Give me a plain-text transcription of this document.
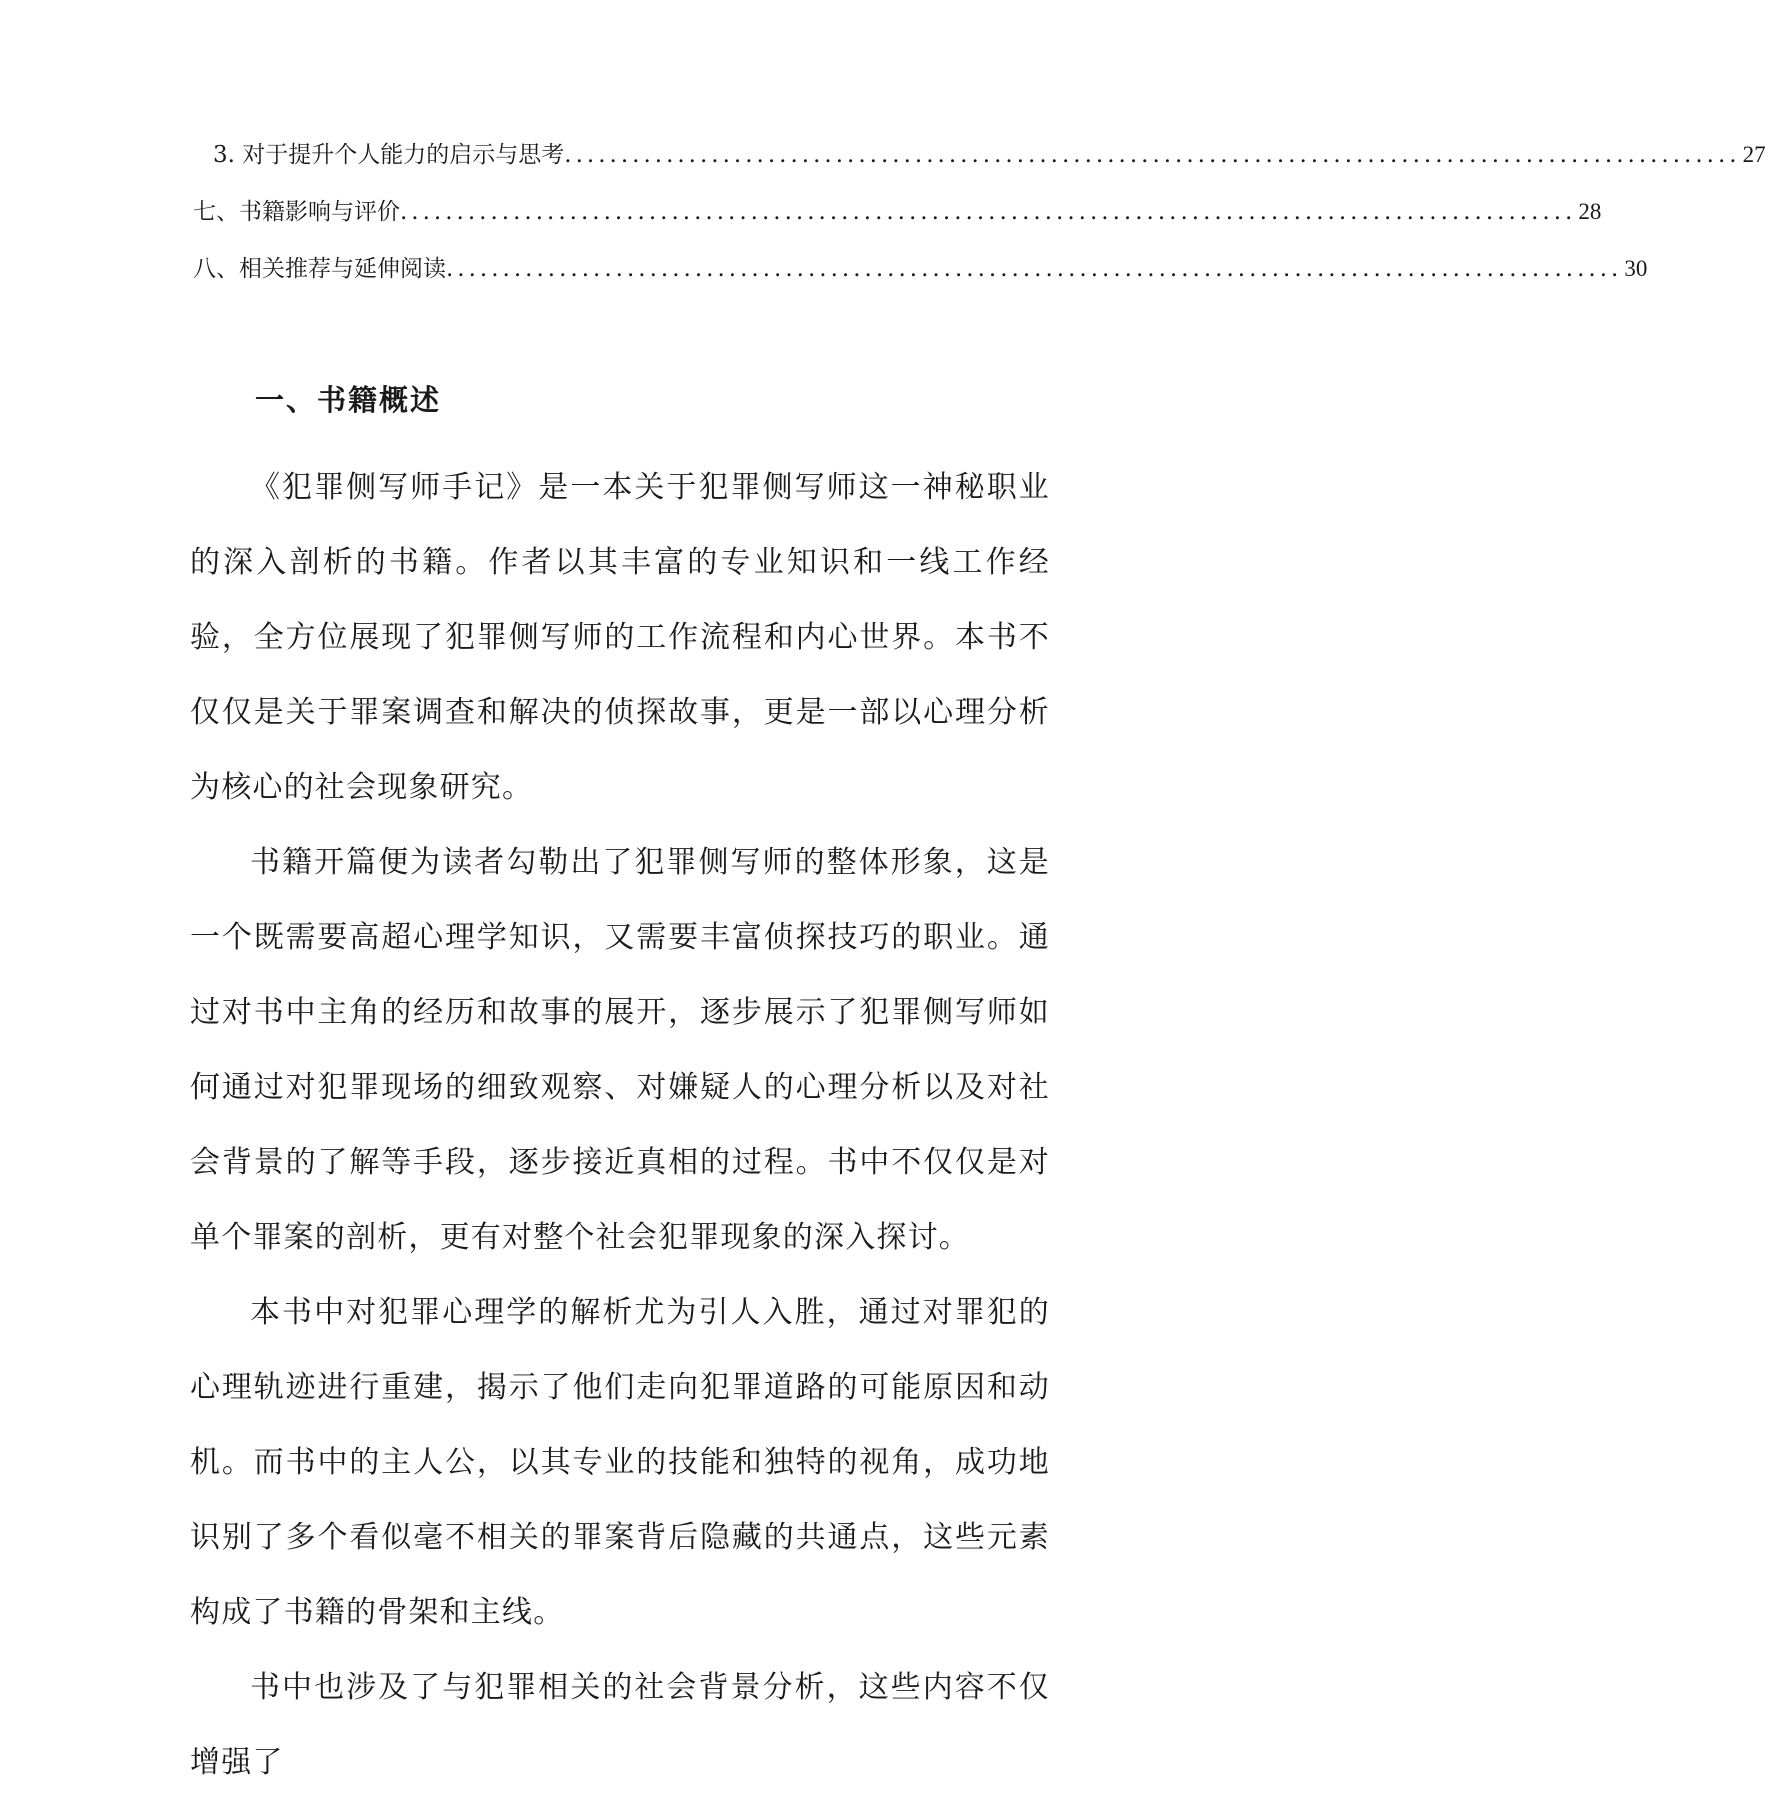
3. 对于提升个人能力的启示与思考 ........................................................................................................ 27
七、书籍影响与评价 ........................................................................................................ 28
八、相关推荐与延伸阅读 ........................................................................................................ 30
一、书籍概述

《犯罪侧写师手记》是一本关于犯罪侧写师这一神秘职业的深入剖析的书籍。作者以其丰富的专业知识和一线工作经验，全方位展现了犯罪侧写师的工作流程和内心世界。本书不仅仅是关于罪案调查和解决的侦探故事，更是一部以心理分析为核心的社会现象研究。

书籍开篇便为读者勾勒出了犯罪侧写师的整体形象，这是一个既需要高超心理学知识，又需要丰富侦探技巧的职业。通过对书中主角的经历和故事的展开，逐步展示了犯罪侧写师如何通过对犯罪现场的细致观察、对嫌疑人的心理分析以及对社会背景的了解等手段，逐步接近真相的过程。书中不仅仅是对单个罪案的剖析，更有对整个社会犯罪现象的深入探讨。

本书中对犯罪心理学的解析尤为引人入胜，通过对罪犯的心理轨迹进行重建，揭示了他们走向犯罪道路的可能原因和动机。而书中的主人公，以其专业的技能和独特的视角，成功地识别了多个看似毫不相关的罪案背后隐藏的共通点，这些元素构成了书籍的骨架和主线。

书中也涉及了与犯罪相关的社会背景分析，这些内容不仅增强了
